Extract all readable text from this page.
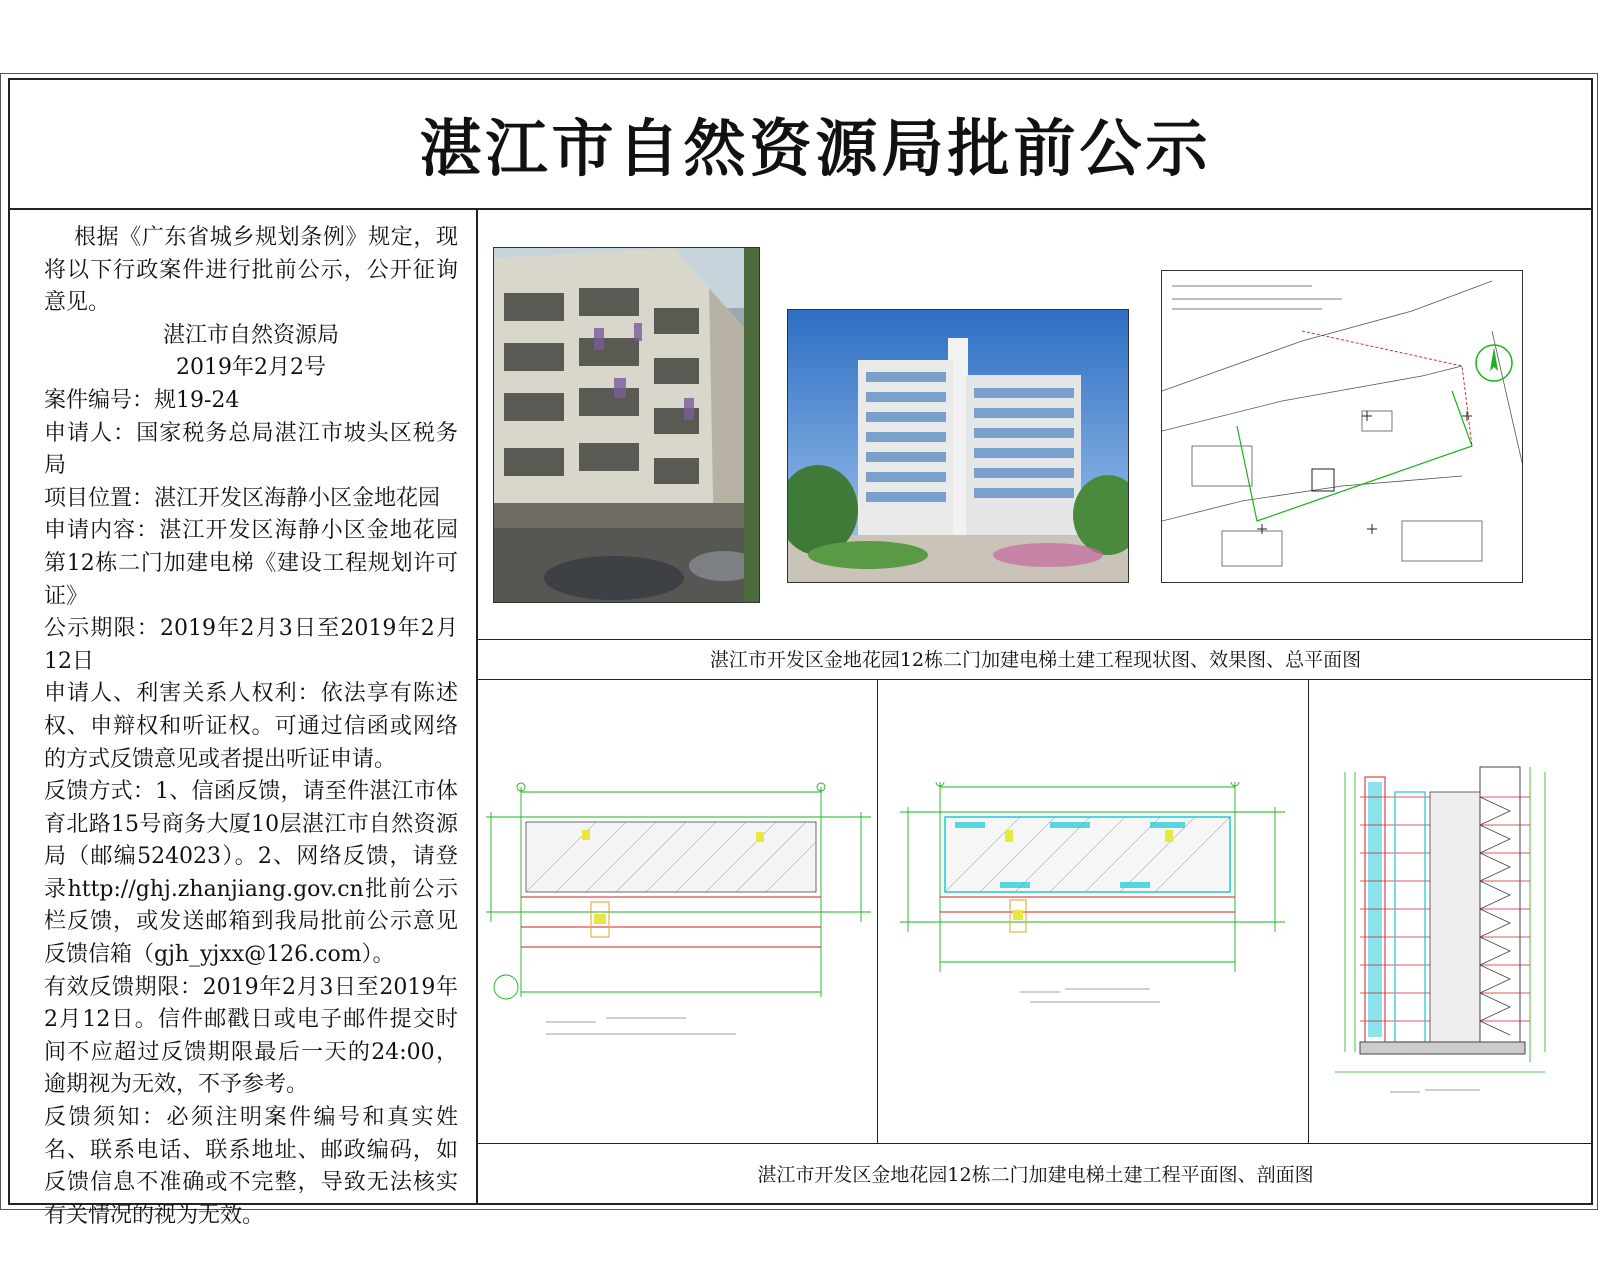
湛江市自然资源局批前公示

根据《广东省城乡规划条例》规定，现将以下行政案件进行批前公示，公开征询意见。

湛江市自然资源局

2019年2月2号

案件编号：规19-24

申请人：国家税务总局湛江市坡头区税务局

项目位置：湛江开发区海静小区金地花园

申请内容：湛江开发区海静小区金地花园第12栋二门加建电梯《建设工程规划许可证》

公示期限：2019年2月3日至2019年2月12日

申请人、利害关系人权利：依法享有陈述权、申辩权和听证权。可通过信函或网络的方式反馈意见或者提出听证申请。

反馈方式：1、信函反馈，请至件湛江市体育北路15号商务大厦10层湛江市自然资源局（邮编524023）。2、网络反馈，请登录http://ghj.zhanjiang.gov.cn批前公示栏反馈，或发送邮箱到我局批前公示意见反馈信箱（gjh_yjxx@126.com）。

有效反馈期限：2019年2月3日至2019年2月12日。信件邮戳日或电子邮件提交时间不应超过反馈期限最后一天的24:00，逾期视为无效，不予参考。

反馈须知：必须注明案件编号和真实姓名、联系电话、联系地址、邮政编码，如反馈信息不准确或不完整，导致无法核实有关情况的视为无效。

湛江市开发区金地花园12栋二门加建电梯土建工程现状图、效果图、总平面图
湛江市开发区金地花园12栋二门加建电梯土建工程平面图、剖面图
